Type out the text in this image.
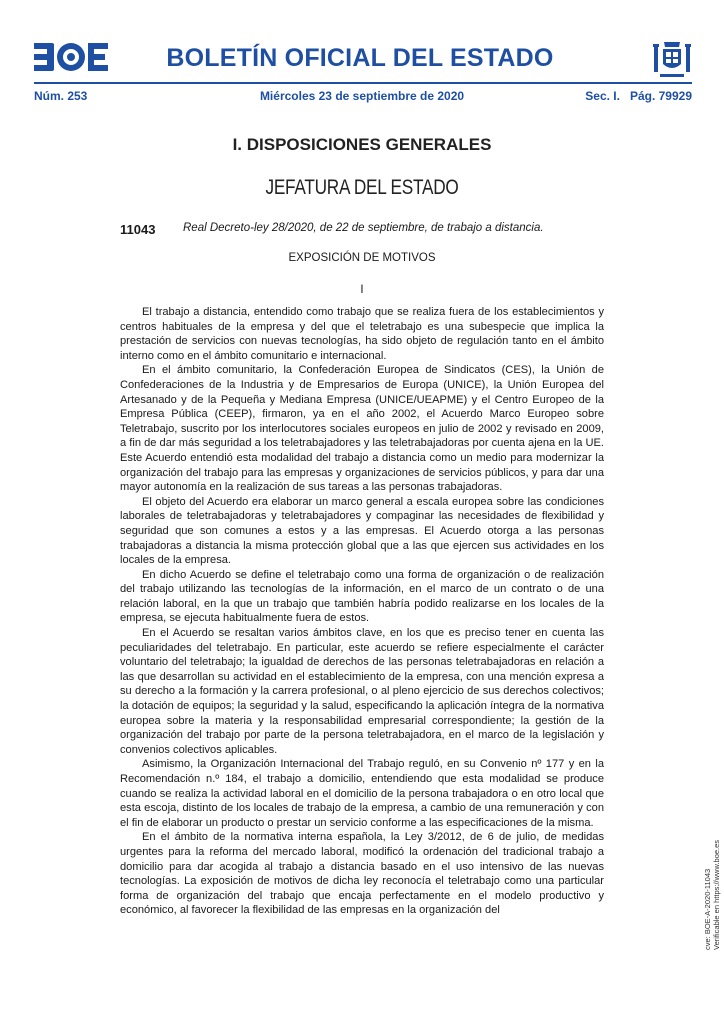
BOLETÍN OFICIAL DEL ESTADO
Núm. 253	Miércoles 23 de septiembre de 2020	Sec. I.   Pág. 79929
I. DISPOSICIONES GENERALES
JEFATURA DEL ESTADO
11043 Real Decreto-ley 28/2020, de 22 de septiembre, de trabajo a distancia.
EXPOSICIÓN DE MOTIVOS
I

El trabajo a distancia, entendido como trabajo que se realiza fuera de los establecimientos y centros habituales de la empresa y del que el teletrabajo es una subespecie que implica la prestación de servicios con nuevas tecnologías, ha sido objeto de regulación tanto en el ámbito interno como en el ámbito comunitario e internacional.

En el ámbito comunitario, la Confederación Europea de Sindicatos (CES), la Unión de Confederaciones de la Industria y de Empresarios de Europa (UNICE), la Unión Europea del Artesanado y de la Pequeña y Mediana Empresa (UNICE/UEAPME) y el Centro Europeo de la Empresa Pública (CEEP), firmaron, ya en el año 2002, el Acuerdo Marco Europeo sobre Teletrabajo, suscrito por los interlocutores sociales europeos en julio de 2002 y revisado en 2009, a fin de dar más seguridad a los teletrabajadores y las teletrabajadoras por cuenta ajena en la UE. Este Acuerdo entendió esta modalidad del trabajo a distancia como un medio para modernizar la organización del trabajo para las empresas y organizaciones de servicios públicos, y para dar una mayor autonomía en la realización de sus tareas a las personas trabajadoras.

El objeto del Acuerdo era elaborar un marco general a escala europea sobre las condiciones laborales de teletrabajadoras y teletrabajadores y compaginar las necesidades de flexibilidad y seguridad que son comunes a estos y a las empresas. El Acuerdo otorga a las personas trabajadoras a distancia la misma protección global que a las que ejercen sus actividades en los locales de la empresa.

En dicho Acuerdo se define el teletrabajo como una forma de organización o de realización del trabajo utilizando las tecnologías de la información, en el marco de un contrato o de una relación laboral, en la que un trabajo que también habría podido realizarse en los locales de la empresa, se ejecuta habitualmente fuera de estos.

En el Acuerdo se resaltan varios ámbitos clave, en los que es preciso tener en cuenta las peculiaridades del teletrabajo. En particular, este acuerdo se refiere especialmente el carácter voluntario del teletrabajo; la igualdad de derechos de las personas teletrabajadoras en relación a las que desarrollan su actividad en el establecimiento de la empresa, con una mención expresa a su derecho a la formación y la carrera profesional, o al pleno ejercicio de sus derechos colectivos; la dotación de equipos; la seguridad y la salud, especificando la aplicación íntegra de la normativa europea sobre la materia y la responsabilidad empresarial correspondiente; la gestión de la organización del trabajo por parte de la persona teletrabajadora, en el marco de la legislación y convenios colectivos aplicables.

Asimismo, la Organización Internacional del Trabajo reguló, en su Convenio nº 177 y en la Recomendación n.º 184, el trabajo a domicilio, entendiendo que esta modalidad se produce cuando se realiza la actividad laboral en el domicilio de la persona trabajadora o en otro local que esta escoja, distinto de los locales de trabajo de la empresa, a cambio de una remuneración y con el fin de elaborar un producto o prestar un servicio conforme a las especificaciones de la misma.

En el ámbito de la normativa interna española, la Ley 3/2012, de 6 de julio, de medidas urgentes para la reforma del mercado laboral, modificó la ordenación del tradicional trabajo a domicilio para dar acogida al trabajo a distancia basado en el uso intensivo de las nuevas tecnologías. La exposición de motivos de dicha ley reconocía el teletrabajo como una particular forma de organización del trabajo que encaja perfectamente en el modelo productivo y económico, al favorecer la flexibilidad de las empresas en la organización del	cve: BOE-A-2020-11043 Verificable en https://www.boe.es
